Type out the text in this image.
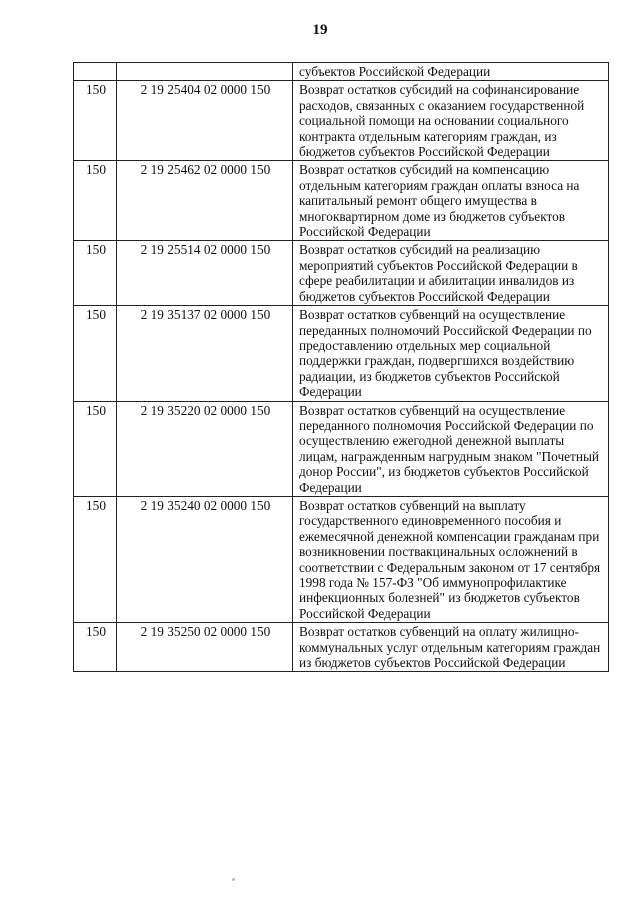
19
		субъектов Российской Федерации
150	2 19 25404 02 0000 150	Возврат остатков субсидий на софинансирование расходов, связанных с оказанием государственной социальной помощи на основании социального контракта отдельным категориям граждан, из бюджетов субъектов Российской Федерации
150	2 19 25462 02 0000 150	Возврат остатков субсидий на компенсацию отдельным категориям граждан оплаты взноса на капитальный ремонт общего имущества в многоквартирном доме из бюджетов субъектов Российской Федерации
150	2 19 25514 02 0000 150	Возврат остатков субсидий на реализацию мероприятий субъектов Российской Федерации в сфере реабилитации и абилитации инвалидов из бюджетов субъектов Российской Федерации
150	2 19 35137 02 0000 150	Возврат остатков субвенций на осуществление переданных полномочий Российской Федерации по предоставлению отдельных мер социальной поддержки граждан, подвергшихся воздействию радиации, из бюджетов субъектов Российской Федерации
150	2 19 35220 02 0000 150	Возврат остатков субвенций на осуществление переданного полномочия Российской Федерации по осуществлению ежегодной денежной выплаты лицам, награжденным нагрудным знаком "Почетный донор России", из бюджетов субъектов Российской Федерации
150	2 19 35240 02 0000 150	Возврат остатков субвенций на выплату государственного единовременного пособия и ежемесячной денежной компенсации гражданам при возникновении поствакцинальных осложнений в соответствии с Федеральным законом от 17 сентября 1998 года № 157-ФЗ "Об иммунопрофилактике инфекционных болезней" из бюджетов субъектов Российской Федерации
150	2 19 35250 02 0000 150	Возврат остатков субвенций на оплату жилищно-коммунальных услуг отдельным категориям граждан из бюджетов субъектов Российской Федерации
